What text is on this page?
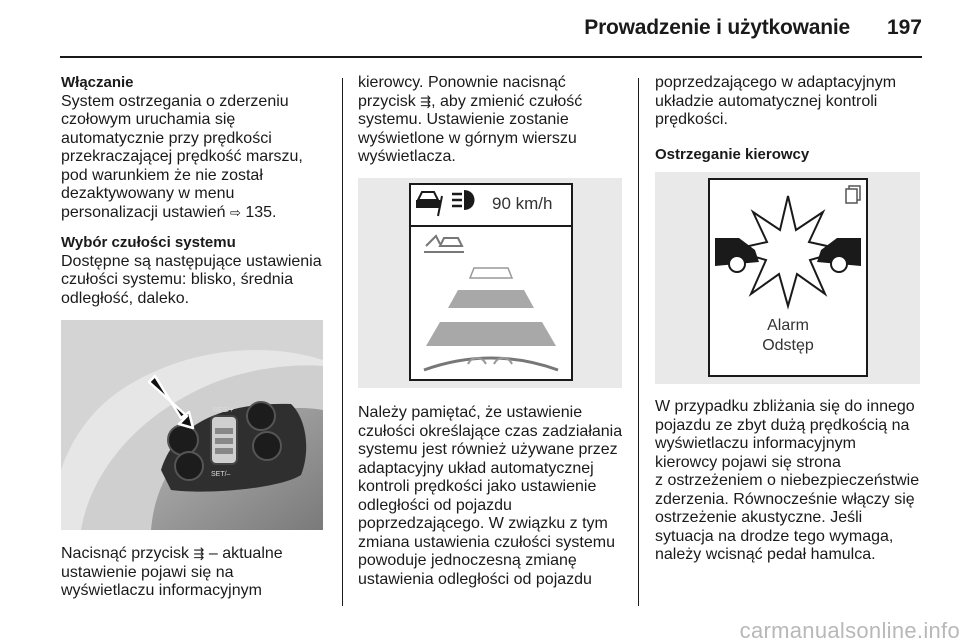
Prowadzenie i użytkowanie	197
Włączanie

System ostrzegania o zderzeniu

czołowym uruchamia się

automatycznie przy prędkości

przekraczającej prędkość marszu,

pod warunkiem że nie został

dezaktywowany w menu

personalizacji ustawień ⇨ 135.

Wybór czułości systemu

Dostępne są następujące ustawienia

czułości systemu: blisko, średnia

odległość, daleko.

RES/+
SET/–

Nacisnąć przycisk ⇶ – aktualne

ustawienie pojawi się na

wyświetlaczu informacyjnym

kierowcy. Ponownie nacisnąć

przycisk ⇶, aby zmienić czułość

systemu. Ustawienie zostanie

wyświetlone w górnym wierszu

wyświetlacza.

90 km/h

Należy pamiętać, że ustawienie

czułości określające czas zadziałania

systemu jest również używane przez

adaptacyjny układ automatycznej

kontroli prędkości jako ustawienie

odległości od pojazdu

poprzedzającego. W związku z tym

zmiana ustawienia czułości systemu

powoduje jednoczesną zmianę

ustawienia odległości od pojazdu

poprzedzającego w adaptacyjnym

układzie automatycznej kontroli

prędkości.

Ostrzeganie kierowcy
Alarm
Odstęp

W przypadku zbliżania się do innego

pojazdu ze zbyt dużą prędkością na

wyświetlaczu informacyjnym

kierowcy pojawi się strona

z ostrzeżeniem o niebezpieczeństwie

zderzenia. Równocześnie włączy się

ostrzeżenie akustyczne. Jeśli

sytuacja na drodze tego wymaga,

należy wcisnąć pedał hamulca.

carmanualsonline.info
